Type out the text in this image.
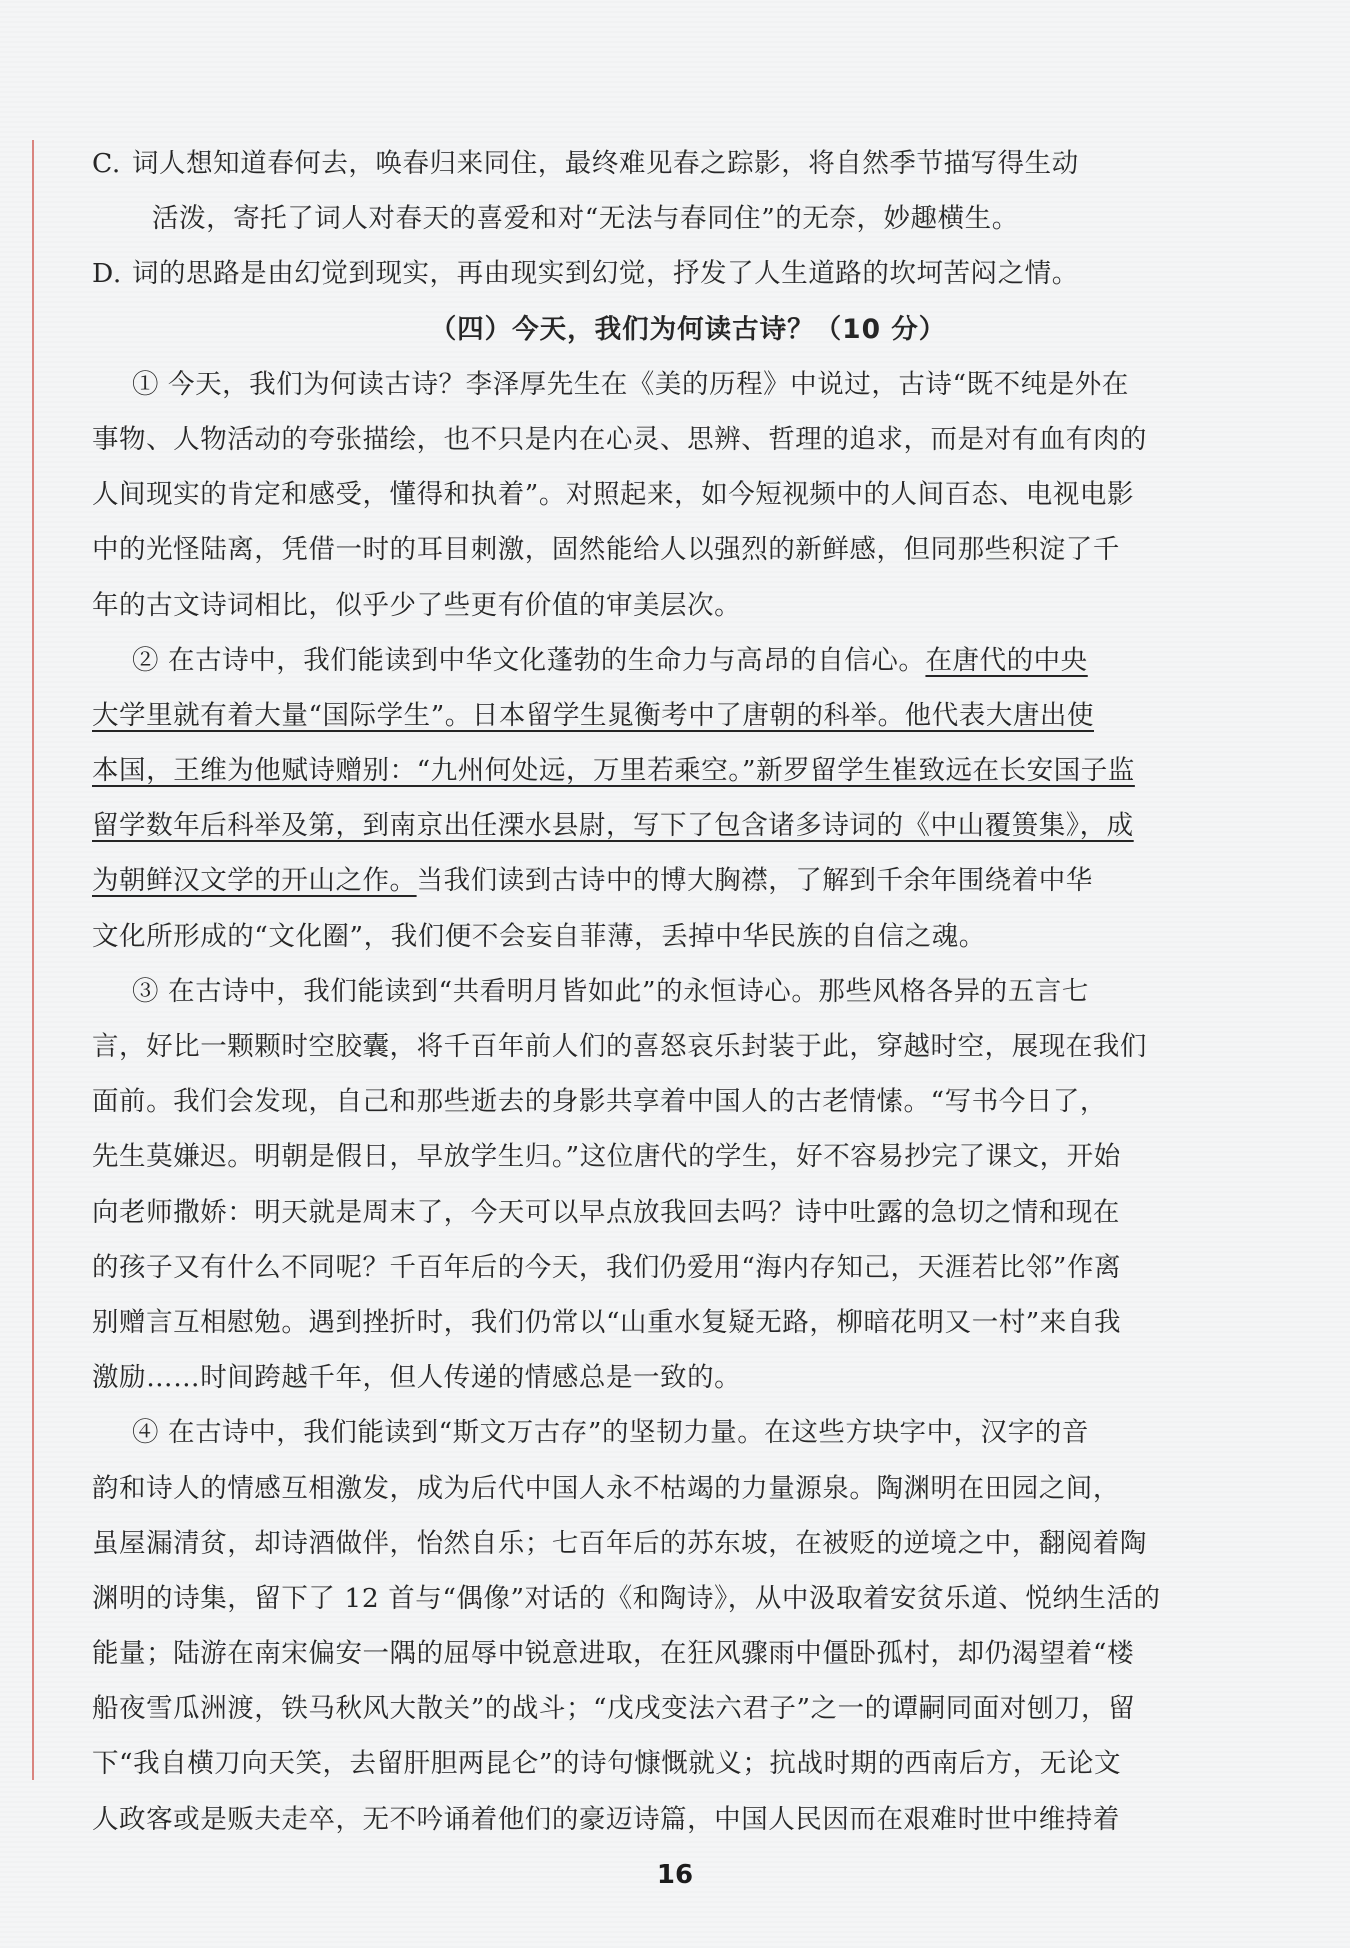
C. 词人想知道春何去，唤春归来同住，最终难见春之踪影，将自然季节描写得生动
活泼，寄托了词人对春天的喜爱和对“无法与春同住”的无奈，妙趣横生。
D. 词的思路是由幻觉到现实，再由现实到幻觉，抒发了人生道路的坎坷苦闷之情。
（四）今天，我们为何读古诗？（10 分）
① 今天，我们为何读古诗？李泽厚先生在《美的历程》中说过，古诗“既不纯是外在
事物、人物活动的夸张描绘，也不只是内在心灵、思辨、哲理的追求，而是对有血有肉的
人间现实的肯定和感受，懂得和执着”。对照起来，如今短视频中的人间百态、电视电影
中的光怪陆离，凭借一时的耳目刺激，固然能给人以强烈的新鲜感，但同那些积淀了千
年的古文诗词相比，似乎少了些更有价值的审美层次。
② 在古诗中，我们能读到中华文化蓬勃的生命力与高昂的自信心。在唐代的中央
大学里就有着大量“国际学生”。日本留学生晁衡考中了唐朝的科举。他代表大唐出使
本国，王维为他赋诗赠别：“九州何处远，万里若乘空。”新罗留学生崔致远在长安国子监
留学数年后科举及第，到南京出任溧水县尉，写下了包含诸多诗词的《中山覆篑集》，成
为朝鲜汉文学的开山之作。当我们读到古诗中的博大胸襟，了解到千余年围绕着中华
文化所形成的“文化圈”，我们便不会妄自菲薄，丢掉中华民族的自信之魂。
③ 在古诗中，我们能读到“共看明月皆如此”的永恒诗心。那些风格各异的五言七
言，好比一颗颗时空胶囊，将千百年前人们的喜怒哀乐封装于此，穿越时空，展现在我们
面前。我们会发现，自己和那些逝去的身影共享着中国人的古老情愫。“写书今日了，
先生莫嫌迟。明朝是假日，早放学生归。”这位唐代的学生，好不容易抄完了课文，开始
向老师撒娇：明天就是周末了，今天可以早点放我回去吗？诗中吐露的急切之情和现在
的孩子又有什么不同呢？千百年后的今天，我们仍爱用“海内存知己，天涯若比邻”作离
别赠言互相慰勉。遇到挫折时，我们仍常以“山重水复疑无路，柳暗花明又一村”来自我
激励……时间跨越千年，但人传递的情感总是一致的。
④ 在古诗中，我们能读到“斯文万古存”的坚韧力量。在这些方块字中，汉字的音
韵和诗人的情感互相激发，成为后代中国人永不枯竭的力量源泉。陶渊明在田园之间，
虽屋漏清贫，却诗酒做伴，怡然自乐；七百年后的苏东坡，在被贬的逆境之中，翻阅着陶
渊明的诗集，留下了 12 首与“偶像”对话的《和陶诗》，从中汲取着安贫乐道、悦纳生活的
能量；陆游在南宋偏安一隅的屈辱中锐意进取，在狂风骤雨中僵卧孤村，却仍渴望着“楼
船夜雪瓜洲渡，铁马秋风大散关”的战斗；“戊戌变法六君子”之一的谭嗣同面对刨刀，留
下“我自横刀向天笑，去留肝胆两昆仑”的诗句慷慨就义；抗战时期的西南后方，无论文
人政客或是贩夫走卒，无不吟诵着他们的豪迈诗篇，中国人民因而在艰难时世中维持着
16
